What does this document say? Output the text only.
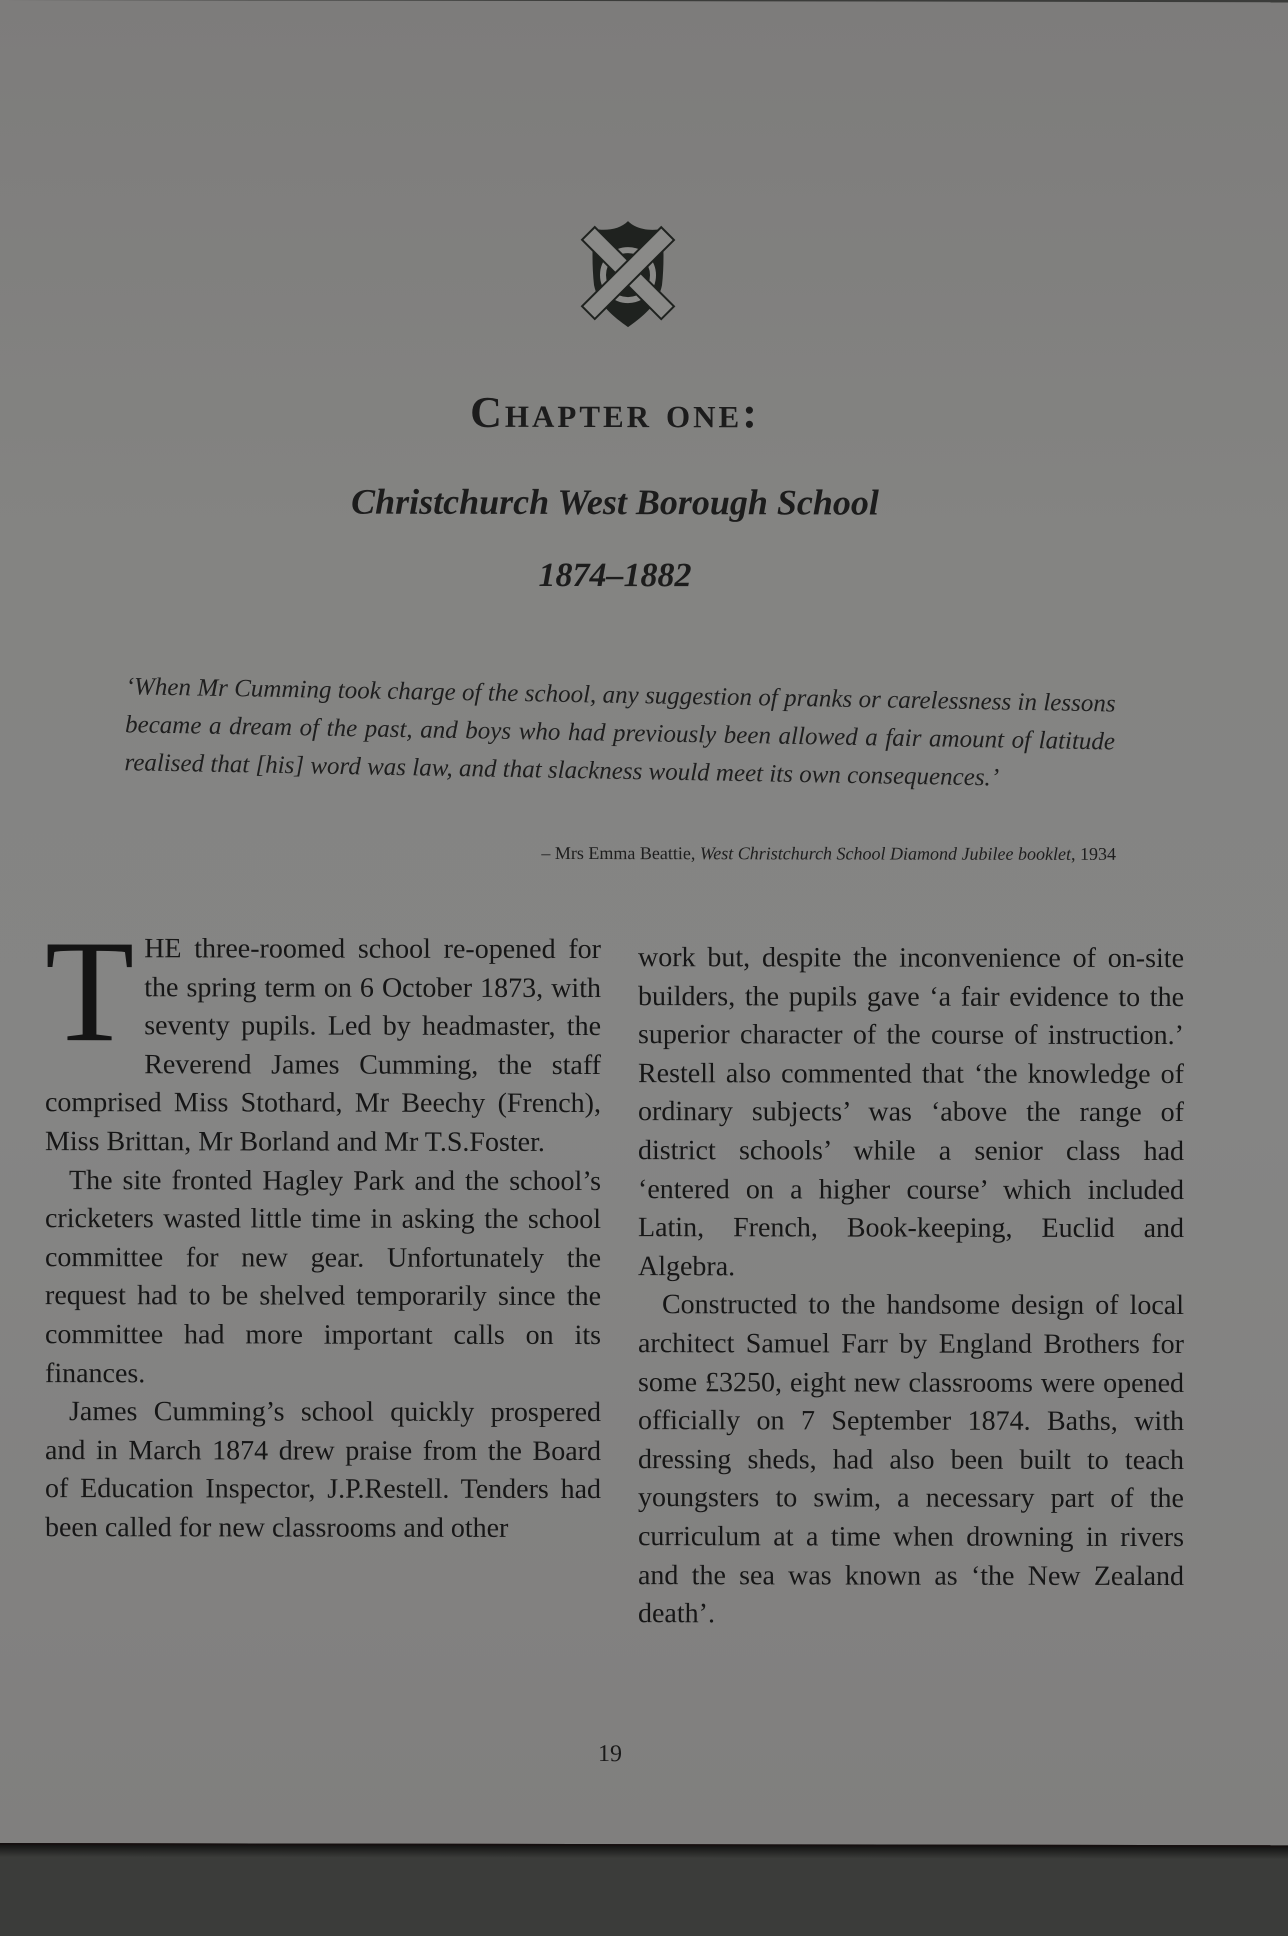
Chapter one:
Christchurch West Borough School
1874–1882

‘When Mr Cumming took charge of the school, any suggestion of pranks or carelessness in lessons became a dream of the past, and boys who had previously been allowed a fair amount of latitude realised that [his] word was law, and that slackness would meet its own consequences.’

– Mrs Emma Beattie, West Christchurch School Diamond Jubilee booklet, 1934

THE three-roomed school re-opened for the spring term on 6 October 1873, with seventy pupils. Led by headmaster, the Reverend James Cumming, the staff comprised Miss Stothard, Mr Beechy (French), Miss Brittan, Mr Borland and Mr T.S.Foster.

The site fronted Hagley Park and the school’s cricketers wasted little time in asking the school committee for new gear. Unfortunately the request had to be shelved temporarily since the committee had more important calls on its finances.

James Cumming’s school quickly prospered and in March 1874 drew praise from the Board of Education Inspector, J.P.Restell. Tenders had been called for new classrooms and other

work but, despite the inconvenience of on-site builders, the pupils gave ‘a fair evidence to the superior character of the course of instruction.’ Restell also commented that ‘the knowledge of ordinary subjects’ was ‘above the range of district schools’ while a senior class had ‘entered on a higher course’ which included Latin, French, Book-keeping, Euclid and Algebra.

Constructed to the handsome design of local architect Samuel Farr by England Brothers for some £3250, eight new classrooms were opened officially on 7 September 1874. Baths, with dressing sheds, had also been built to teach youngsters to swim, a necessary part of the curriculum at a time when drowning in rivers and the sea was known as ‘the New Zealand death’.

19
